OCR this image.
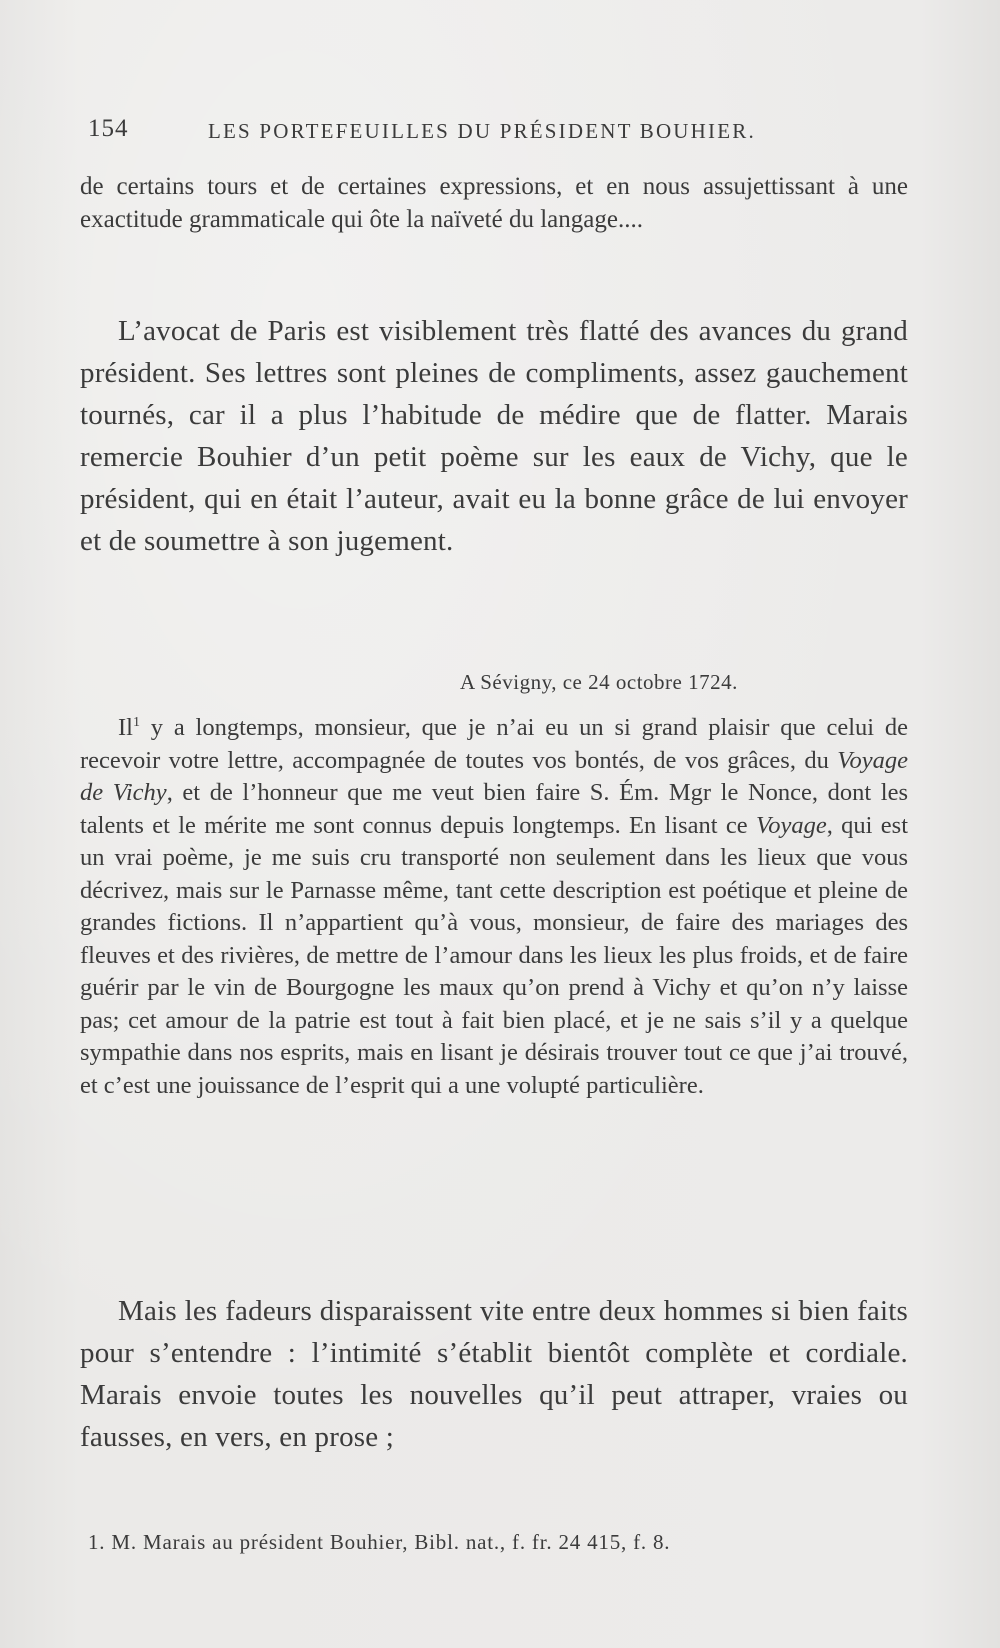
154	LES PORTEFEUILLES DU PRÉSIDENT BOUHIER.

de certains tours et de certaines expressions, et en nous assujettissant à une exactitude grammaticale qui ôte la naïveté du langage....

L’avocat de Paris est visiblement très flatté des avances du grand président. Ses lettres sont pleines de compliments, assez gauchement tournés, car il a plus l’habitude de médire que de flatter. Marais remercie Bouhier d’un petit poème sur les eaux de Vichy, que le président, qui en était l’auteur, avait eu la bonne grâce de lui envoyer et de soumettre à son jugement.

A Sévigny, ce 24 octobre 1724.

Il$^1$ y a longtemps, monsieur, que je n’ai eu un si grand plaisir que celui de recevoir votre lettre, accompagnée de toutes vos bontés, de vos grâces, du Voyage de Vichy, et de l’honneur que me veut bien faire S. Ém. Mgr le Nonce, dont les talents et le mérite me sont connus depuis longtemps. En lisant ce Voyage, qui est un vrai poème, je me suis cru transporté non seulement dans les lieux que vous décrivez, mais sur le Parnasse même, tant cette description est poétique et pleine de grandes fictions. Il n’appartient qu’à vous, monsieur, de faire des mariages des fleuves et des rivières, de mettre de l’amour dans les lieux les plus froids, et de faire guérir par le vin de Bourgogne les maux qu’on prend à Vichy et qu’on n’y laisse pas; cet amour de la patrie est tout à fait bien placé, et je ne sais s’il y a quelque sympathie dans nos esprits, mais en lisant je désirais trouver tout ce que j’ai trouvé, et c’est une jouissance de l’esprit qui a une volupté particulière.

Mais les fadeurs disparaissent vite entre deux hommes si bien faits pour s’entendre : l’intimité s’établit bientôt complète et cordiale. Marais envoie toutes les nouvelles qu’il peut attraper, vraies ou fausses, en vers, en prose ;

1. M. Marais au président Bouhier, Bibl. nat., f. fr. 24 415, f. 8.
